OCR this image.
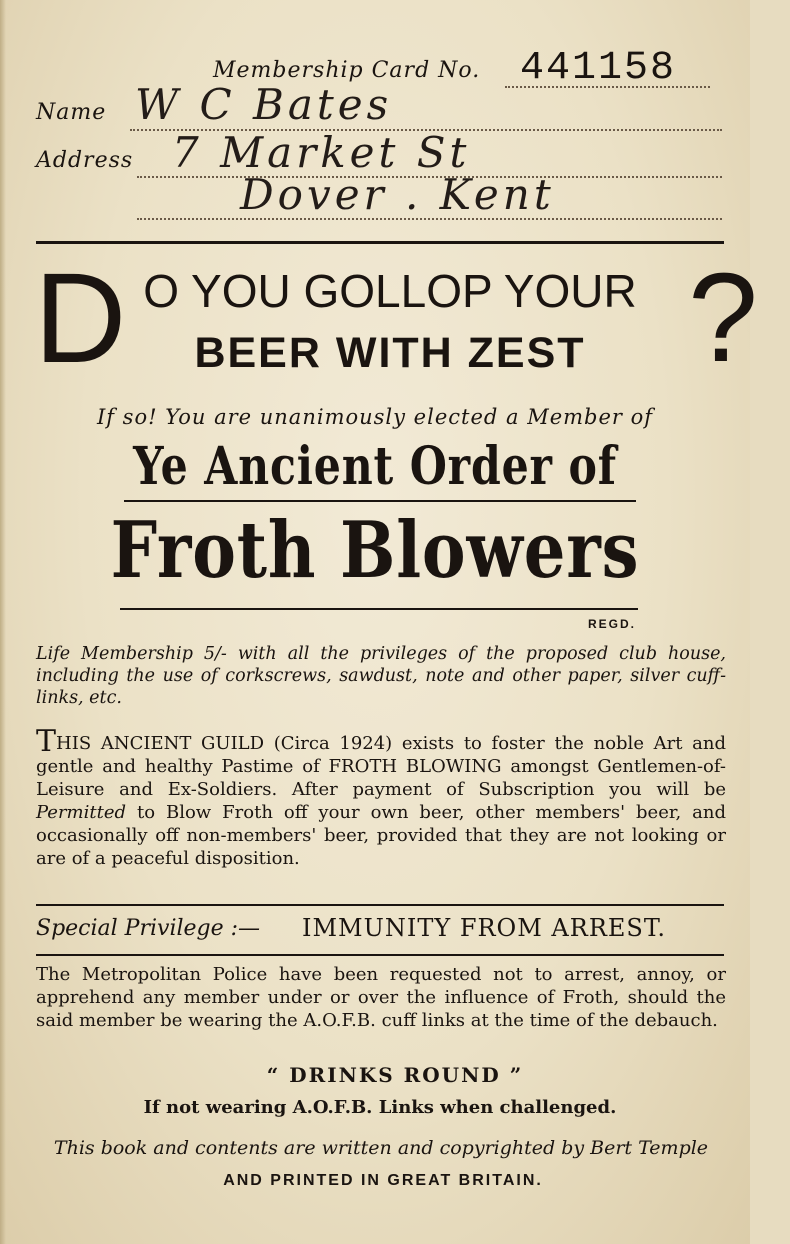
Membership Card No. 441158
Name W C Bates
Address 7 Market St
Dover . Kent
D O YOU GOLLOP YOUR
BEER WITH ZEST ?
If so! You are unanimously elected a Member of
Ye Ancient Order of
Froth Blowers
REGD.
Life Membership 5/- with all the privileges of the proposed club house, including the use of corkscrews, sawdust, note and other paper, silver cuff-links, etc.
THIS ANCIENT GUILD (Circa 1924) exists to foster the noble Art and gentle and healthy Pastime of FROTH BLOWING amongst Gentlemen-of-Leisure and Ex-Soldiers. After payment of Subscription you will be Permitted to Blow Froth off your own beer, other members' beer, and occasionally off non-members' beer, provided that they are not looking or are of a peaceful disposition.
Special Privilege :— IMMUNITY FROM ARREST.
The Metropolitan Police have been requested not to arrest, annoy, or apprehend any member under or over the influence of Froth, should the said member be wearing the A.O.F.B. cuff links at the time of the debauch.
“ DRINKS ROUND ”
If not wearing A.O.F.B. Links when challenged.
This book and contents are written and copyrighted by Bert Temple
AND PRINTED IN GREAT BRITAIN.
